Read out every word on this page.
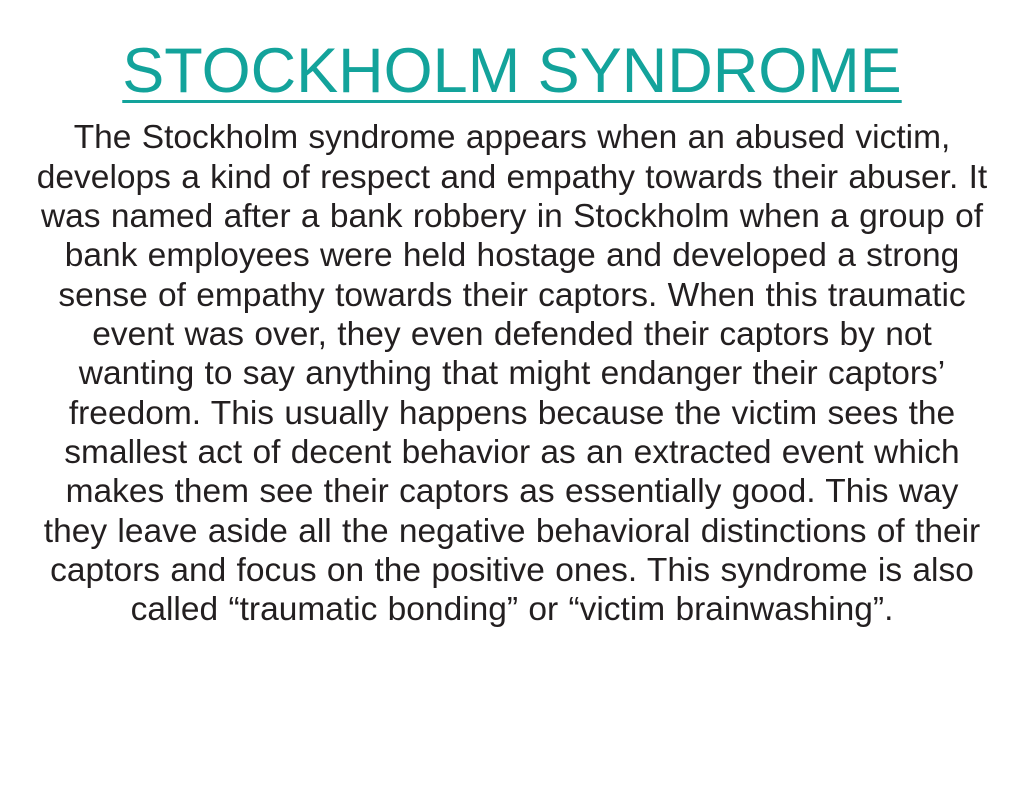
STOCKHOLM SYNDROME

The Stockholm syndrome appears when an abused victim, develops a kind of respect and empathy towards their abuser. It was named after a bank robbery in Stockholm when a group of bank employees were held hostage and developed a strong sense of empathy towards their captors. When this traumatic event was over, they even defended their captors by not wanting to say anything that might endanger their captors’ freedom. This usually happens because the victim sees the smallest act of decent behavior as an extracted event which makes them see their captors as essentially good. This way they leave aside all the negative behavioral distinctions of their captors and focus on the positive ones. This syndrome is also called “traumatic bonding” or “victim brainwashing”.
